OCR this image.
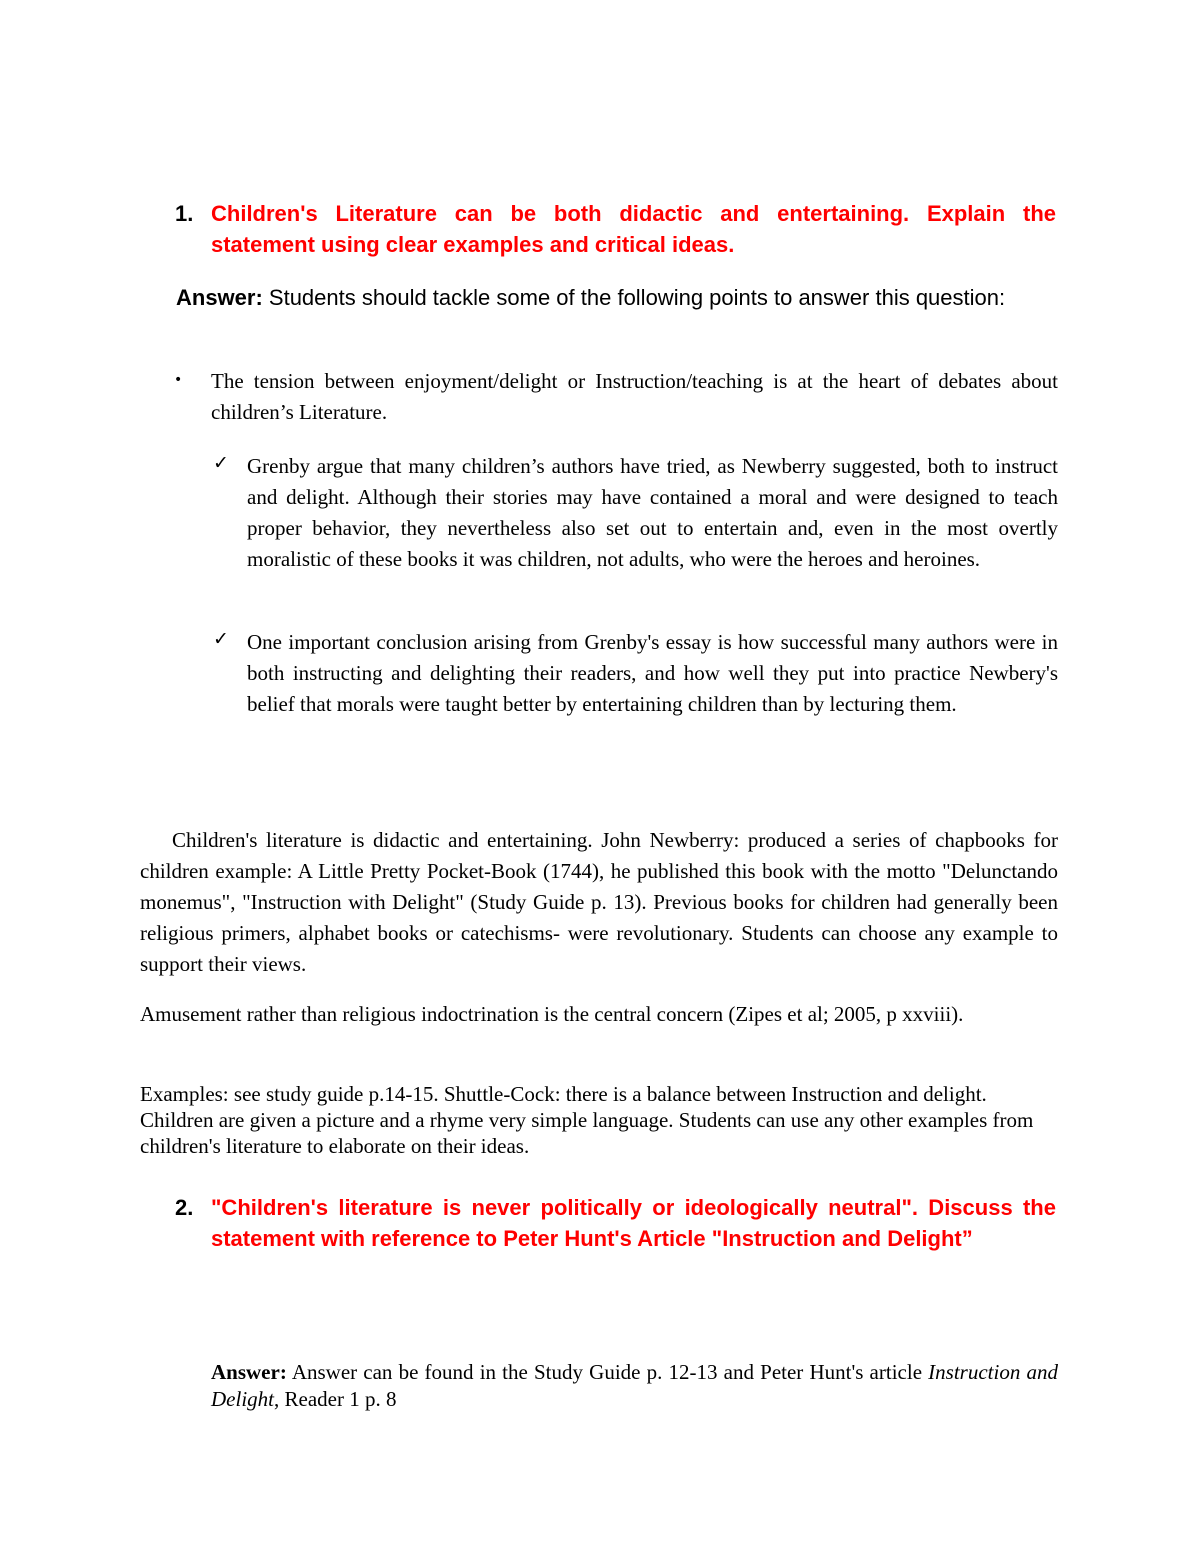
1. Children's Literature can be both didactic and entertaining. Explain the statement using clear examples and critical ideas.
Answer: Students should tackle some of the following points to answer this question:
• The tension between enjoyment/delight or Instruction/teaching is at the heart of debates about children’s Literature.
✓ Grenby argue that many children’s authors have tried, as Newberry suggested, both to instruct and delight. Although their stories may have contained a moral and were designed to teach proper behavior, they nevertheless also set out to entertain and, even in the most overtly moralistic of these books it was children, not adults, who were the heroes and heroines.
✓ One important conclusion arising from Grenby's essay is how successful many authors were in both instructing and delighting their readers, and how well they put into practice Newbery's belief that morals were taught better by entertaining children than by lecturing them.
Children's literature is didactic and entertaining. John Newberry: produced a series of chapbooks for children example: A Little Pretty Pocket-Book (1744), he published this book with the motto "Delunctando monemus", "Instruction with Delight" (Study Guide p. 13). Previous books for children had generally been religious primers, alphabet books or catechisms- were revolutionary. Students can choose any example to support their views.
Amusement rather than religious indoctrination is the central concern (Zipes et al; 2005, p xxviii).
Examples: see study guide p.14-15. Shuttle-Cock: there is a balance between Instruction and delight. Children are given a picture and a rhyme very simple language. Students can use any other examples from children's literature to elaborate on their ideas.
2. "Children's literature is never politically or ideologically neutral". Discuss the statement with reference to Peter Hunt's Article "Instruction and Delight”
Answer: Answer can be found in the Study Guide p. 12-13 and Peter Hunt's article Instruction and Delight, Reader 1 p. 8
